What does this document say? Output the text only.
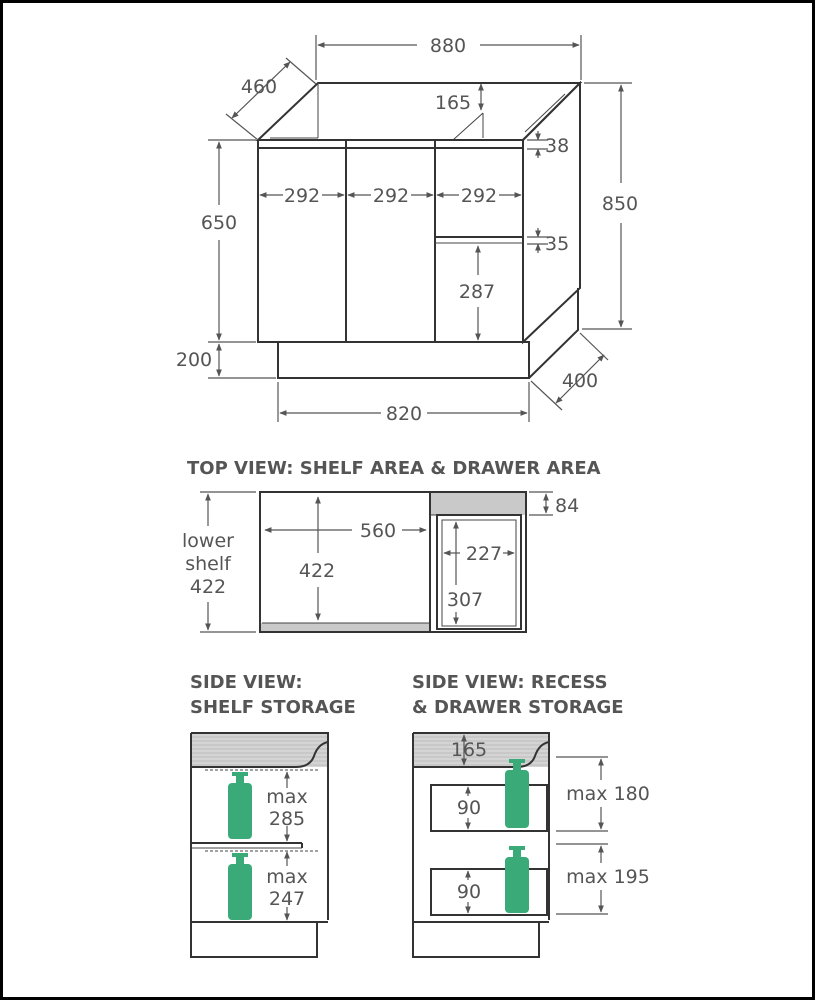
880
460
165
38
35
850
650
200
292	292	292
287
820
400
TOP VIEW: SHELF AREA & DRAWER AREA
560
422
lower
shelf
422
84
227
307
SIDE VIEW:
SHELF STORAGE
max
285
max
247
SIDE VIEW: RECESS
& DRAWER STORAGE
165
90
90
max 180
max 195
